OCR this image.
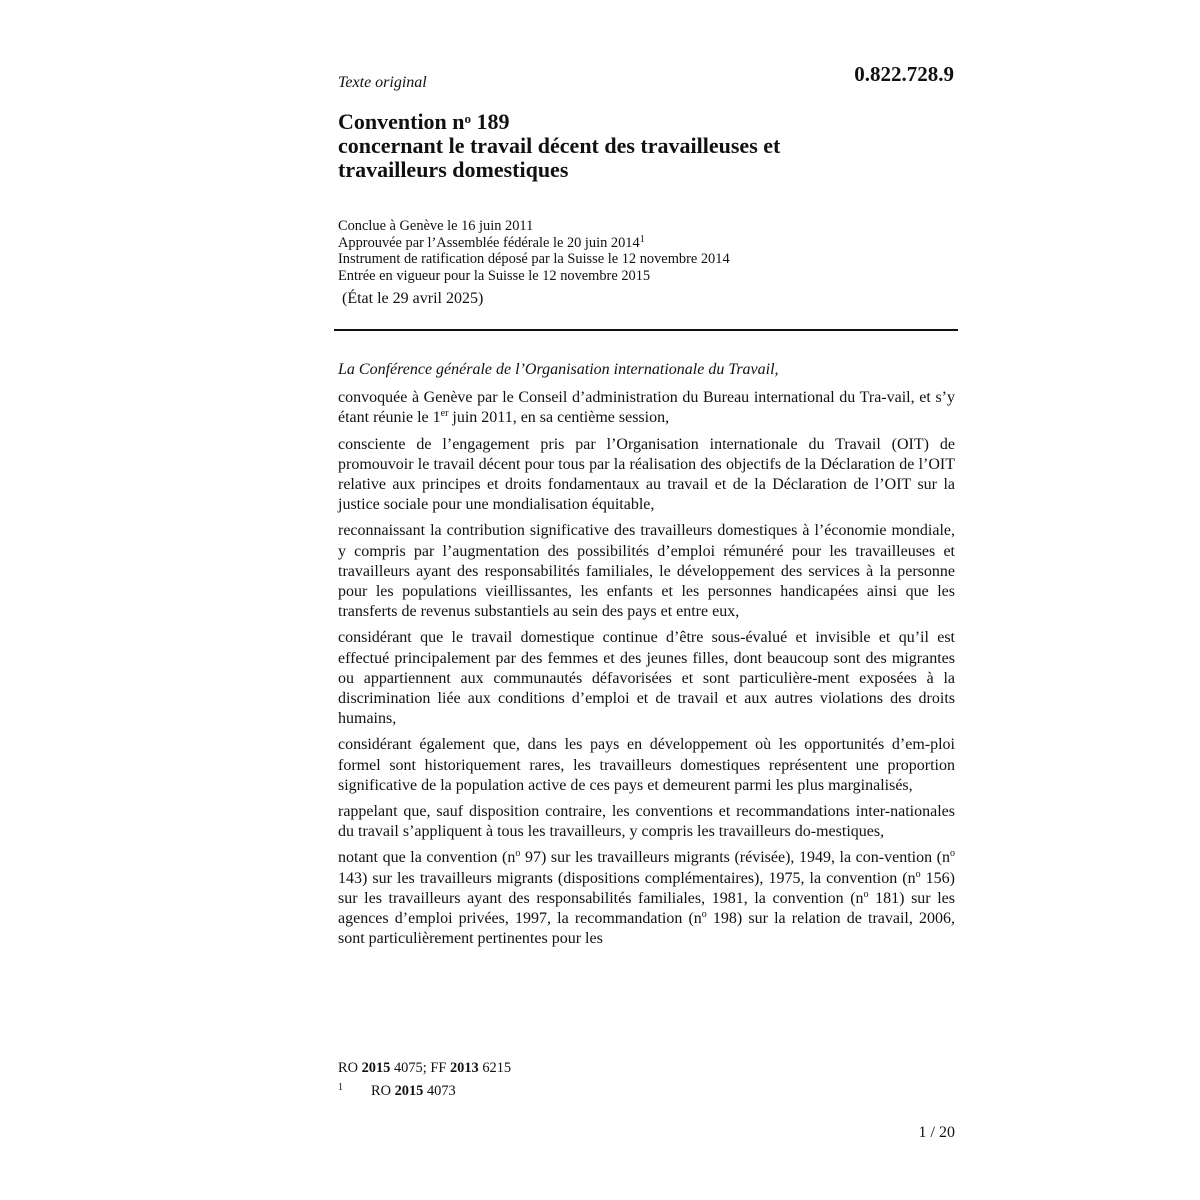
Texte original	0.822.728.9
Convention $n^o$ 189
concernant le travail décent des travailleuses et
travailleurs domestiques
Conclue à Genève le 16 juin 2011
Approuvée par l’Assemblée fédérale le 20 juin 2014$^1$
Instrument de ratification déposé par la Suisse le 12 novembre 2014
Entrée en vigueur pour la Suisse le 12 novembre 2015
(État le 29 avril 2025)
La Conférence générale de l’Organisation internationale du Travail,

convoquée à Genève par le Conseil d’administration du Bureau international du Tra-vail, et s’y étant réunie le 1er juin 2011, en sa centième session,

consciente de l’engagement pris par l’Organisation internationale du Travail (OIT) de promouvoir le travail décent pour tous par la réalisation des objectifs de la Déclaration de l’OIT relative aux principes et droits fondamentaux au travail et de la Déclaration de l’OIT sur la justice sociale pour une mondialisation équitable,

reconnaissant la contribution significative des travailleurs domestiques à l’économie mondiale, y compris par l’augmentation des possibilités d’emploi rémunéré pour les travailleuses et travailleurs ayant des responsabilités familiales, le développement des services à la personne pour les populations vieillissantes, les enfants et les personnes handicapées ainsi que les transferts de revenus substantiels au sein des pays et entre eux,

considérant que le travail domestique continue d’être sous-évalué et invisible et qu’il est effectué principalement par des femmes et des jeunes filles, dont beaucoup sont des migrantes ou appartiennent aux communautés défavorisées et sont particulière-ment exposées à la discrimination liée aux conditions d’emploi et de travail et aux autres violations des droits humains,

considérant également que, dans les pays en développement où les opportunités d’em-ploi formel sont historiquement rares, les travailleurs domestiques représentent une proportion significative de la population active de ces pays et demeurent parmi les plus marginalisés,

rappelant que, sauf disposition contraire, les conventions et recommandations inter-nationales du travail s’appliquent à tous les travailleurs, y compris les travailleurs do-mestiques,

notant que la convention ($n^o$ 97) sur les travailleurs migrants (révisée), 1949, la con-vention ($n^o$ 143) sur les travailleurs migrants (dispositions complémentaires), 1975, la convention ($n^o$ 156) sur les travailleurs ayant des responsabilités familiales, 1981, la convention ($n^o$ 181) sur les agences d’emploi privées, 1997, la recommandation ($n^o$ 198) sur la relation de travail, 2006, sont particulièrement pertinentes pour les

RO 2015 4075; FF 2013 6215
1 RO 2015 4073
1 / 20
